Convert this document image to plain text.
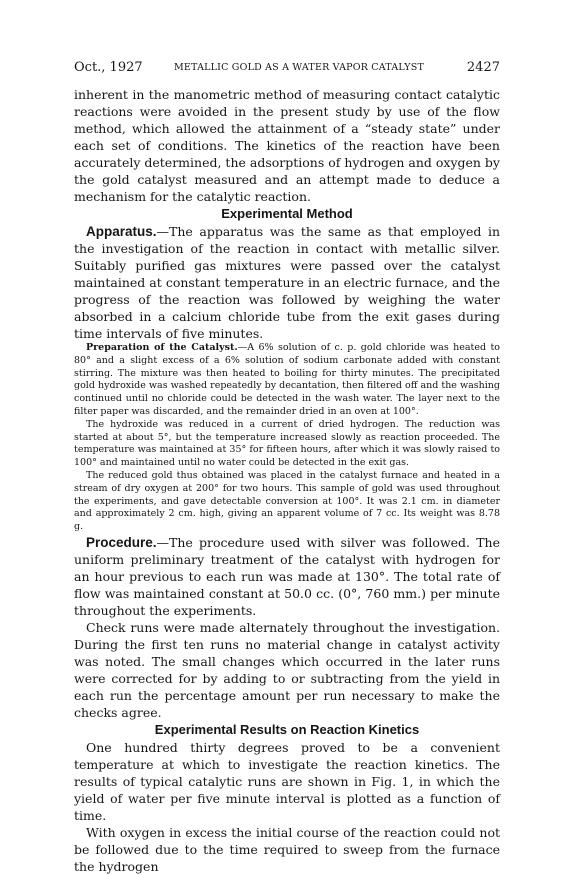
Oct., 1927	METALLIC GOLD AS A WATER VAPOR CATALYST	2427

inherent in the manometric method of measuring contact catalytic reactions were avoided in the present study by use of the flow method, which allowed the attainment of a “steady state” under each set of conditions. The kinetics of the reaction have been accurately determined, the adsorptions of hydrogen and oxygen by the gold catalyst measured and an attempt made to deduce a mechanism for the catalytic reaction.

Experimental Method

Apparatus.—The apparatus was the same as that employed in the investigation of the reaction in contact with metallic silver. Suitably purified gas mixtures were passed over the catalyst maintained at constant temperature in an electric furnace, and the progress of the reaction was followed by weighing the water absorbed in a calcium chloride tube from the exit gases during time intervals of five minutes.

Preparation of the Catalyst.—A 6% solution of c. p. gold chloride was heated to 80° and a slight excess of a 6% solution of sodium carbonate added with constant stirring. The mixture was then heated to boiling for thirty minutes. The precipitated gold hydroxide was washed repeatedly by decantation, then filtered off and the washing continued until no chloride could be detected in the wash water. The layer next to the filter paper was discarded, and the remainder dried in an oven at 100°.

The hydroxide was reduced in a current of dried hydrogen. The reduction was started at about 5°, but the temperature increased slowly as reaction proceeded. The temperature was maintained at 35° for fifteen hours, after which it was slowly raised to 100° and maintained until no water could be detected in the exit gas.

The reduced gold thus obtained was placed in the catalyst furnace and heated in a stream of dry oxygen at 200° for two hours. This sample of gold was used throughout the experiments, and gave detectable conversion at 100°. It was 2.1 cm. in diameter and approximately 2 cm. high, giving an apparent volume of 7 cc. Its weight was 8.78 g.

Procedure.—The procedure used with silver was followed. The uniform preliminary treatment of the catalyst with hydrogen for an hour previous to each run was made at 130°. The total rate of flow was maintained constant at 50.0 cc. (0°, 760 mm.) per minute throughout the experiments.

Check runs were made alternately throughout the investigation. During the first ten runs no material change in catalyst activity was noted. The small changes which occurred in the later runs were corrected for by adding to or subtracting from the yield in each run the percentage amount per run necessary to make the checks agree.

Experimental Results on Reaction Kinetics

One hundred thirty degrees proved to be a convenient temperature at which to investigate the reaction kinetics. The results of typical catalytic runs are shown in Fig. 1, in which the yield of water per five minute interval is plotted as a function of time.

With oxygen in excess the initial course of the reaction could not be followed due to the time required to sweep from the furnace the hydrogen
